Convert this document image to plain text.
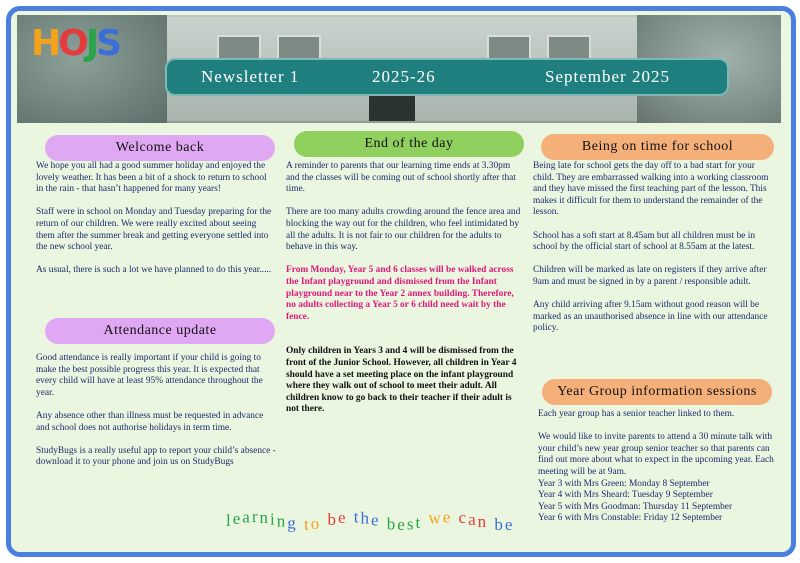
HOJS
Newsletter 1	2025-26	September 2025
Welcome back

We hope you all had a good summer holiday and enjoyed the lovely weather. It has been a bit of a shock to return to school in the rain - that hasn’t happened for many years!

Staff were in school on Monday and Tuesday preparing for the return of our children. We were really excited about seeing them after the summer break and getting everyone settled into the new school year.

As usual, there is such a lot we have planned to do this year.....

Attendance update

Good attendance is really important if your child is going to make the best possible progress this year. It is expected that every child will have at least 95% attendance throughout the year.

Any absence other than illness must be requested in advance and school does not authorise holidays in term time.

StudyBugs is a really useful app to report your child’s absence - download it to your phone and join us on StudyBugs

End of the day

A reminder to parents that our learning time ends at 3.30pm and the classes will be coming out of school shortly after that time.

There are too many adults crowding around the fence area and blocking the way out for the children, who feel intimidated by all the adults. It is not fair to our children for the adults to behave in this way.

From Monday, Year 5 and 6 classes will be walked across the Infant playground and dismissed from the Infant playground near to the Year 2 annex building. Therefore, no adults collecting a Year 5 or 6 child need wait by the fence.

Only children in Years 3 and 4 will be dismissed from the front of the Junior School. However, all children in Year 4 should have a set meeting place on the infant playground where they walk out of school to meet their adult. All children know to go back to their teacher if their adult is not there.

Being on time for school

Being late for school gets the day off to a bad start for your child. They are embarrassed walking into a working classroom and they have missed the first teaching part of the lesson. This makes it difficult for them to understand the remainder of the lesson.

School has a soft start at 8.45am but all children must be in school by the official start of school at 8.55am at the latest.

Children will be marked as late on registers if they arrive after 9am and must be signed in by a parent / responsible adult.

Any child arriving after 9.15am without good reason will be marked as an unauthorised absence in line with our attendance policy.

Year Group information sessions

Each year group has a senior teacher linked to them.

We would like to invite parents to attend a 30 minute talk with your child’s new year group senior teacher so that parents can find out more about what to expect in the upcoming year. Each meeting will be at 9am.

Year 3 with Mrs Green: Monday 8 September
Year 4 with Mrs Sheard: Tuesday 9 September
Year 5 with Mrs Goodman: Thursday 11 September
Year 6 with Mrs Constable: Friday 12 September
learning to be the best we can be
